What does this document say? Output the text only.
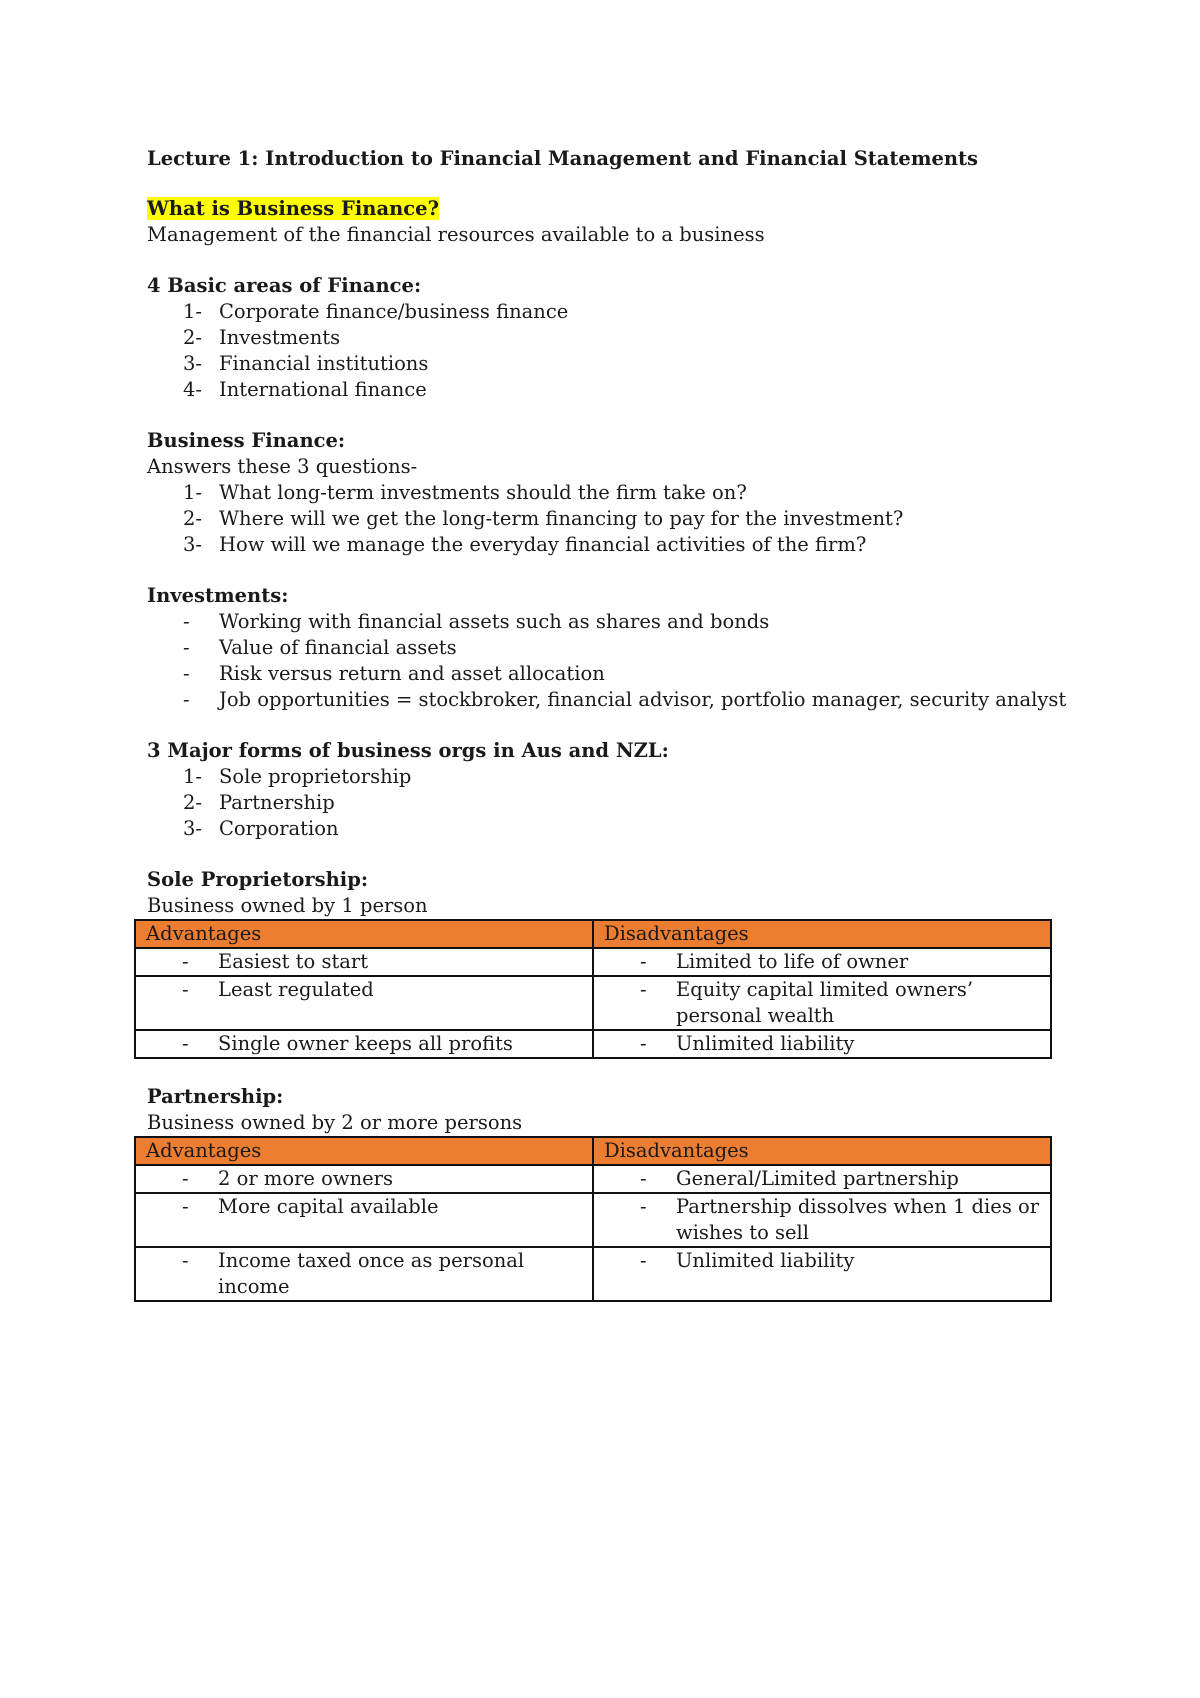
Lecture 1: Introduction to Financial Management and Financial Statements
What is Business Finance?
Management of the financial resources available to a business
4 Basic areas of Finance:
1- Corporate finance/business finance
2- Investments
3- Financial institutions
4- International finance
Business Finance:
Answers these 3 questions-
1- What long-term investments should the firm take on?
2- Where will we get the long-term financing to pay for the investment?
3- How will we manage the everyday financial activities of the firm?
Investments:
- Working with financial assets such as shares and bonds
- Value of financial assets
- Risk versus return and asset allocation
- Job opportunities = stockbroker, financial advisor, portfolio manager, security analyst
3 Major forms of business orgs in Aus and NZL:
1- Sole proprietorship
2- Partnership
3- Corporation
Sole Proprietorship:
Business owned by 1 person
Advantages	Disadvantages

- Easiest to start	- Limited to life of owner

- Least regulated	- Equity capital limited owners’ personal wealth

- Single owner keeps all profits	- Unlimited liability
Partnership:
Business owned by 2 or more persons
Advantages	Disadvantages

- 2 or more owners	- General/Limited partnership

- More capital available	- Partnership dissolves when 1 dies or wishes to sell

- Income taxed once as personal income	- Unlimited liability
